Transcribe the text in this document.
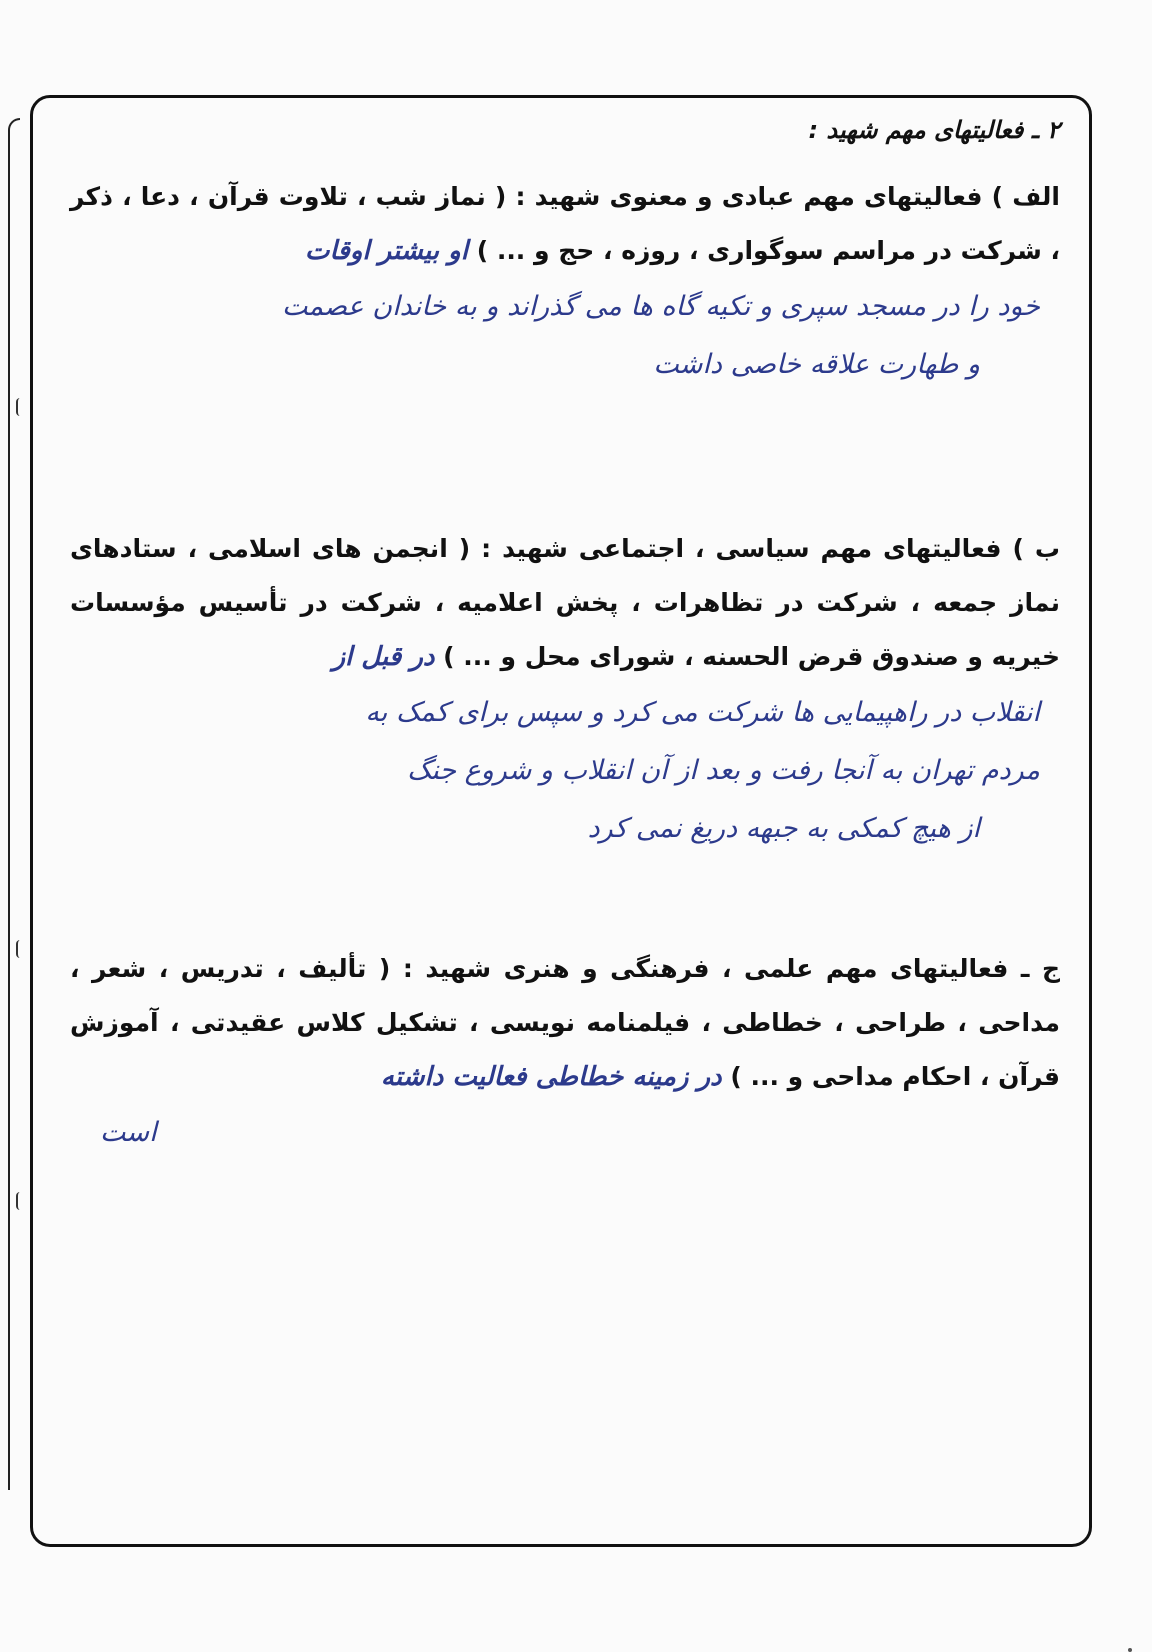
۲ ـ فعالیتهای مهم شهید :

الف ) فعالیتهای مهم عبادی و معنوی شهید : ( نماز شب ، تلاوت قرآن ، دعا ، ذکر ، شرکت در مراسم سوگواری ، روزه ، حج و ... ) او بیشتر اوقات

خود را در مسجد سپری و تکیه گاه ها می گذراند و به خاندان عصمت
و طهارت علاقه خاصی داشت

ب ) فعالیتهای مهم سیاسی ، اجتماعی شهید : ( انجمن های اسلامی ، ستادهای نماز جمعه ، شرکت در تظاهرات ، پخش اعلامیه ، شرکت در تأسیس مؤسسات خیریه و صندوق قرض الحسنه ، شورای محل و ... ) در قبل از

انقلاب در راهپیمایی ها شرکت می کرد و سپس برای کمک به
مردم تهران به آنجا رفت و بعد از آن انقلاب و شروع جنگ
از هیچ کمکی به جبهه دریغ نمی کرد

ج ـ فعالیتهای مهم علمی ، فرهنگی و هنری شهید : ( تألیف ، تدریس ، شعر ، مداحی ، طراحی ، خطاطی ، فیلمنامه نویسی ، تشکیل کلاس عقیدتی ، آموزش قرآن ، احکام مداحی و ... ) در زمینه خطاطی فعالیت داشته

است
